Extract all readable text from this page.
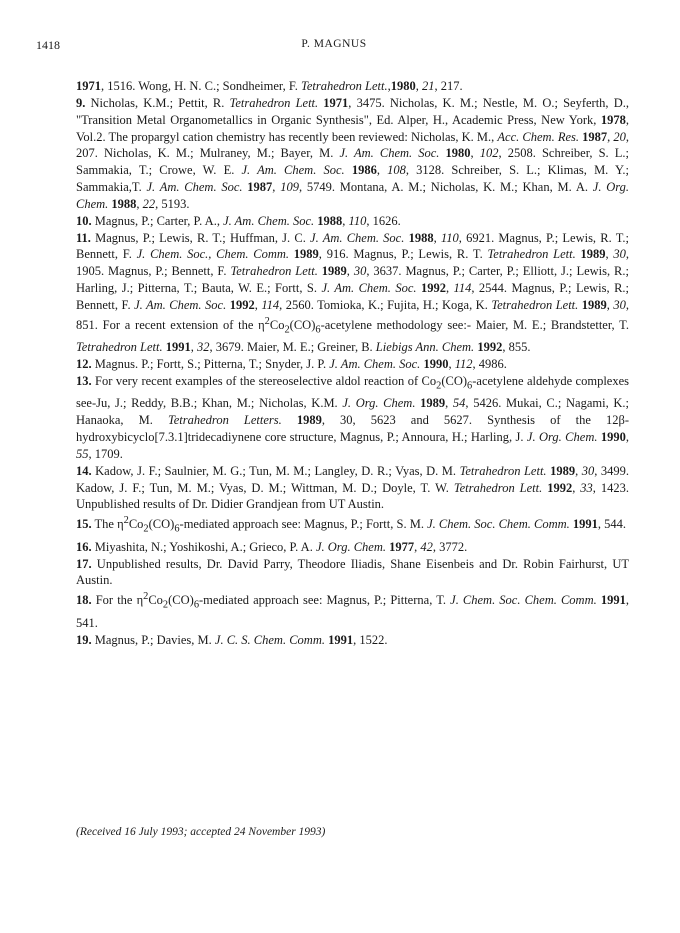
1418	P. MAGNUS

1971, 1516. Wong, H. N. C.; Sondheimer, F. Tetrahedron Lett.,1980, 21, 217.

9. Nicholas, K.M.; Pettit, R. Tetrahedron Lett. 1971, 3475. Nicholas, K. M.; Nestle, M. O.; Seyferth, D., "Transition Metal Organometallics in Organic Synthesis", Ed. Alper, H., Academic Press, New York, 1978, Vol.2. The propargyl cation chemistry has recently been reviewed: Nicholas, K. M., Acc. Chem. Res. 1987, 20, 207. Nicholas, K. M.; Mulraney, M.; Bayer, M. J. Am. Chem. Soc. 1980, 102, 2508. Schreiber, S. L.; Sammakia, T.; Crowe, W. E. J. Am. Chem. Soc. 1986, 108, 3128. Schreiber, S. L.; Klimas, M. Y.; Sammakia,T. J. Am. Chem. Soc. 1987, 109, 5749. Montana, A. M.; Nicholas, K. M.; Khan, M. A. J. Org. Chem. 1988, 22, 5193.

10. Magnus, P.; Carter, P. A., J. Am. Chem. Soc. 1988, 110, 1626.

11. Magnus, P.; Lewis, R. T.; Huffman, J. C. J. Am. Chem. Soc. 1988, 110, 6921. Magnus, P.; Lewis, R. T.; Bennett, F. J. Chem. Soc., Chem. Comm. 1989, 916. Magnus, P.; Lewis, R. T. Tetrahedron Lett. 1989, 30, 1905. Magnus, P.; Bennett, F. Tetrahedron Lett. 1989, 30, 3637. Magnus, P.; Carter, P.; Elliott, J.; Lewis, R.; Harling, J.; Pitterna, T.; Bauta, W. E.; Fortt, S. J. Am. Chem. Soc. 1992, 114, 2544. Magnus, P.; Lewis, R.; Bennett, F. J. Am. Chem. Soc. 1992, 114, 2560. Tomioka, K.; Fujita, H.; Koga, K. Tetrahedron Lett. 1989, 30, 851. For a recent extension of the $\eta^2Co_2(CO)_6$-acetylene methodology see:- Maier, M. E.; Brandstetter, T. Tetrahedron Lett. 1991, 32, 3679. Maier, M. E.; Greiner, B. Liebigs Ann. Chem. 1992, 855.

12. Magnus. P.; Fortt, S.; Pitterna, T.; Snyder, J. P. J. Am. Chem. Soc. 1990, 112, 4986.

13. For very recent examples of the stereoselective aldol reaction of $Co_2(CO)_6$-acetylene aldehyde complexes see-Ju, J.; Reddy, B.B.; Khan, M.; Nicholas, K.M. J. Org. Chem. 1989, 54, 5426. Mukai, C.; Nagami, K.; Hanaoka, M. Tetrahedron Letters. 1989, 30, 5623 and 5627. Synthesis of the 12β-hydroxybicyclo[7.3.1]tridecadiynene core structure, Magnus, P.; Annoura, H.; Harling, J. J. Org. Chem. 1990, 55, 1709.

14. Kadow, J. F.; Saulnier, M. G.; Tun, M. M.; Langley, D. R.; Vyas, D. M. Tetrahedron Lett. 1989, 30, 3499. Kadow, J. F.; Tun, M. M.; Vyas, D. M.; Wittman, M. D.; Doyle, T. W. Tetrahedron Lett. 1992, 33, 1423. Unpublished results of Dr. Didier Grandjean from UT Austin.

15. The $\eta^2Co_2(CO)_6$-mediated approach see: Magnus, P.; Fortt, S. M. J. Chem. Soc. Chem. Comm. 1991, 544.

16. Miyashita, N.; Yoshikoshi, A.; Grieco, P. A. J. Org. Chem. 1977, 42, 3772.

17. Unpublished results, Dr. David Parry, Theodore Iliadis, Shane Eisenbeis and Dr. Robin Fairhurst, UT Austin.

18. For the $\eta^2Co_2(CO)_6$-mediated approach see: Magnus, P.; Pitterna, T. J. Chem. Soc. Chem. Comm. 1991, 541.

19. Magnus, P.; Davies, M. J. C. S. Chem. Comm. 1991, 1522.

(Received 16 July 1993; accepted 24 November 1993)
